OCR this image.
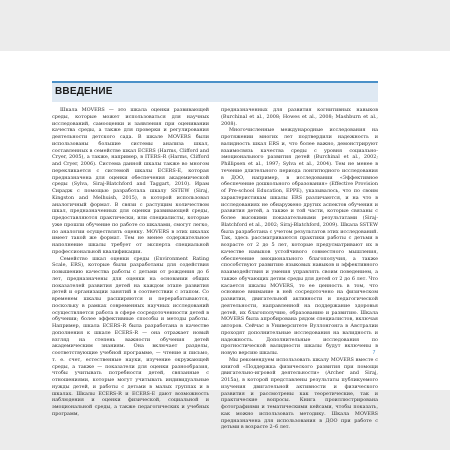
ВВЕДЕНИЕ

Шкала MOVERS — это шкала оценки развивающей среды, которые может использоваться для научных исследований, самооценки и заявления при оценивании качества среды, а также для проверки и регулирования деятельности детского сада. В шкале MOVERS были использованы большие системы анализа шкал, составленных в семействе шкал ECERS (Harms, Clifford and Cryer, 2005), а также, например, в ITERS-R (Harms, Clifford and Cryer, 2006). Система данной шкалы также во многом перекликается с системой шкалы ECERS-E, которая предназначена для оценки обеспечения академической среды (Sylva, Siraj-Blatchford and Taggart, 2010). Ирам Сирадж с помощью разработала шкалу SSTEW (Siraj, Kingston and Melhuish, 2015), в которой использовал аналогичный формат. В связи с растущим количеством шкал, предназначенных для оценки развивающей среды, предоставляются практически, или специалисты, которые уже прошли обучение по работе со шкалами, смогут легко, по аналогии осуществлять оценку. MOVERS в этих шкалах имеет такой же формат. Тем не менее содержательное наполнение шкалы требует от эксперта специальной профессиональной квалификации.

Семейство шкал оценки среды (Environment Rating Scale, ERS), которые были разработаны для содействия повышению качества работы с детьми от рождения до 6 лет, предназначены для оценки на основании общих показателей развития детей на каждом этапе развития детей и организации занятий в соответствии с этапом. Со временем шкалы расширяются и перерабатываются, поскольку в рамках современных научных исследований осуществляется работа в сфере сосредоточенности детей в обучении; более эффективные способы и методы работы. Например, шкала ECERS-R была разработана в качестве дополнения к шкале ECERS-R — она отражает новый взгляд на степень важности обучения детей академическим знаниям. Она включает разделы, соответствующие учебной программе, — чтение и письмо, т. е. счет, естественные науки, изучение окружающей среды, а также — показатели для оценки разнообразия, чтобы учитывать потребности детей, связанные с отношениями, которые могут учитывать индивидуальные нужды детей, и работы с детьми в малых группах и в шкалах. Шкалы ECERS-R и ECERS-E дают возможность наблюдения и оценки физической, социальной и эмоциональной среды, а также педагогических и учебных программ,

предназначенных для развития когнитивных навыков (Burchinal et al., 2008; Howes et al., 2008; Mashburn et al., 2008).

Многочисленные международные исследования на протяжении многих лет подтвердили надежность и валидность шкал ERS и, что более важно, демонстрируют взаимосвязь качества среды с уровня социально-эмоционального развития детей (Burchinal et al., 2002; Phillipsen et al., 1997; Sylva et al., 2004). Тем не менее в течение длительного периода лонгитюдного исследования в ДОО, например, в исследовании «Эффективное обеспечение дошкольного образования» (Effective Provision of Pre-school Education, EPPE), указывалось, что по своим характеристикам шкалы ERS различаются, и на что в исследованиях не обнаружено других аспектов обучения и развития детей, а также и той части, которые связаны с более высокими показательными результатами (Siraj-Blatchford et al., 2002; Siraj-Blatchford, 2009). Шкала SSTEW была разработана с учетом результатов этих исследований. Так, здесь рассматриваются практики работы с детьми в возрасте от 2 до 5 лет, которые предусматривают их в качестве навыков устойчивого совместного мышления, обеспечение эмоционального благополучия, а также способствуют развитию языковых навыков и эффективного взаимодействия и умения управлять своим поведением, а также обучающих детям среды для детей от 2 до 6 лет. Что касается шкалы MOVERS, то ее ценность в том, что основное внимание в ней сосредоточено на физическом развитии, двигательной активности и педагогической деятельности, направленной на поддержание здоровья детей, их благополучию, образованию и развитию. Шкала MOVERS была апробирована рядом специалистов, включая авторов. Сейчас в Университете Вуллонгонга в Австралии проходят дополнительные исследования на валидность и надежность. Дополнительные исследования по прогностической валидности шкалы будут включены в новую версию шкалы.

Мы рекомендуем использовать шкалу MOVERS вместе с книгой «Поддержка физического развития при помощи двигательно-игровой деятельности» (Archer and Siraj, 2015a), в которой представлены результаты публикуемого изучения двигательной активности и физического развития и рассмотрены как теоретические, так и практические вопросы. Книга проиллюстрирована фотографиями и тематическими кейсами, чтобы показать, как можно использовать методику. Шкала MOVERS предназначена для использования в ДОО при работе с детьми в возрасте 2–6 лет.

7
